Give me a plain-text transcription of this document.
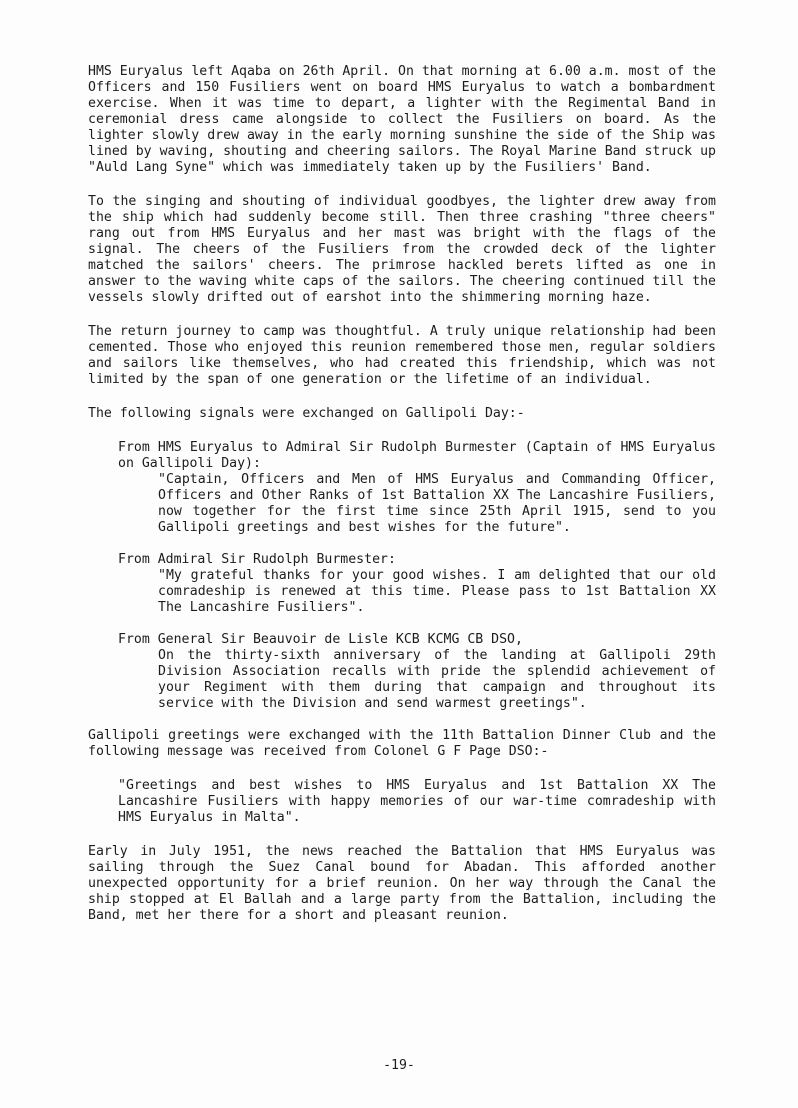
HMS Euryalus left Aqaba on 26th April. On that morning at 6.00 a.m. most of the Officers and 150 Fusiliers went on board HMS Euryalus to watch a bombardment exercise. When it was time to depart, a lighter with the Regimental Band in ceremonial dress came alongside to collect the Fusiliers on board. As the lighter slowly drew away in the early morning sunshine the side of the Ship was lined by waving, shouting and cheering sailors. The Royal Marine Band struck up "Auld Lang Syne" which was immediately taken up by the Fusiliers' Band.

To the singing and shouting of individual goodbyes, the lighter drew away from the ship which had suddenly become still. Then three crashing "three cheers" rang out from HMS Euryalus and her mast was bright with the flags of the signal. The cheers of the Fusiliers from the crowded deck of the lighter matched the sailors' cheers. The primrose hackled berets lifted as one in answer to the waving white caps of the sailors. The cheering continued till the vessels slowly drifted out of earshot into the shimmering morning haze.

The return journey to camp was thoughtful. A truly unique relationship had been cemented. Those who enjoyed this reunion remembered those men, regular soldiers and sailors like themselves, who had created this friendship, which was not limited by the span of one generation or the lifetime of an individual.

The following signals were exchanged on Gallipoli Day:-

From HMS Euryalus to Admiral Sir Rudolph Burmester (Captain of HMS Euryalus on Gallipoli Day):

"Captain, Officers and Men of HMS Euryalus and Commanding Officer, Officers and Other Ranks of 1st Battalion XX The Lancashire Fusiliers, now together for the first time since 25th April 1915, send to you Gallipoli greetings and best wishes for the future".

From Admiral Sir Rudolph Burmester:

"My grateful thanks for your good wishes. I am delighted that our old comradeship is renewed at this time. Please pass to 1st Battalion XX The Lancashire Fusiliers".

From General Sir Beauvoir de Lisle KCB KCMG CB DSO,

On the thirty-sixth anniversary of the landing at Gallipoli 29th Division Association recalls with pride the splendid achievement of your Regiment with them during that campaign and throughout its service with the Division and send warmest greetings".

Gallipoli greetings were exchanged with the 11th Battalion Dinner Club and the following message was received from Colonel G F Page DSO:-

"Greetings and best wishes to HMS Euryalus and 1st Battalion XX The Lancashire Fusiliers with happy memories of our war-time comradeship with HMS Euryalus in Malta".

Early in July 1951, the news reached the Battalion that HMS Euryalus was sailing through the Suez Canal bound for Abadan. This afforded another unexpected opportunity for a brief reunion. On her way through the Canal the ship stopped at El Ballah and a large party from the Battalion, including the Band, met her there for a short and pleasant reunion.

-19-
